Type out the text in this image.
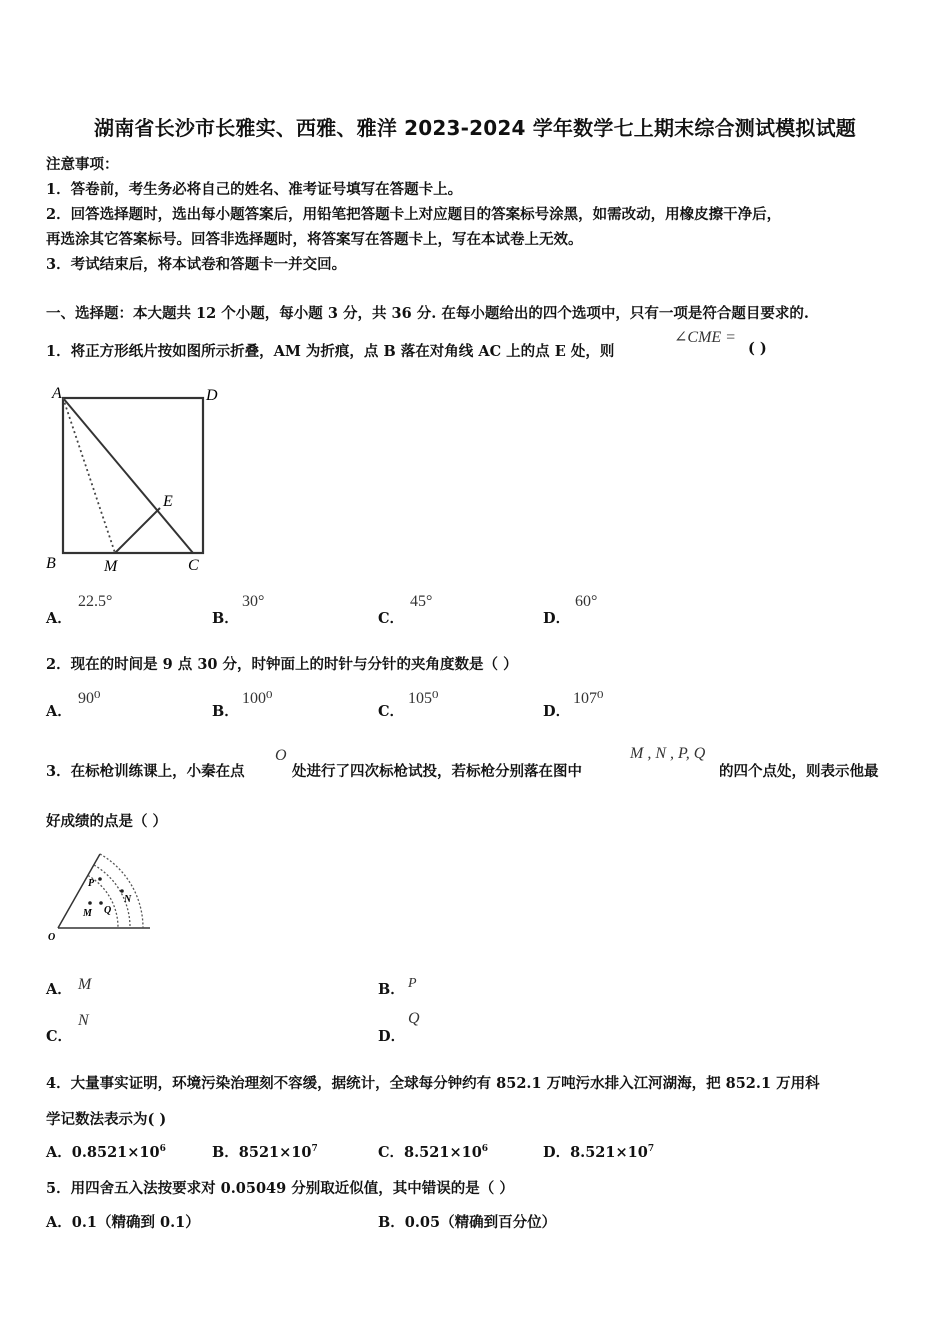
湖南省长沙市长雅实、西雅、雅洋 2023-2024 学年数学七上期末综合测试模拟试题
注意事项：
1．答卷前，考生务必将自己的姓名、准考证号填写在答题卡上。
2．回答选择题时，选出每小题答案后，用铅笔把答题卡上对应题目的答案标号涂黑，如需改动，用橡皮擦干净后，
再选涂其它答案标号。回答非选择题时，将答案写在答题卡上，写在本试卷上无效。
3．考试结束后，将本试卷和答题卡一并交回。
一、选择题：本大题共 12 个小题，每小题 3 分，共 36 分. 在每小题给出的四个选项中，只有一项是符合题目要求的.
1．将正方形纸片按如图所示折叠，AM 为折痕，点 B 落在对角线 AC 上的点 E 处，则
∠CME =
( )
A	D
E
B	M	C
A．
22.5°
B．
30°
C．
45°
D．
60°
2．现在的时间是 9 点 30 分，时钟面上的时针与分针的夹角度数是（ ）
A．
90⁰
B．
100⁰
C．
105⁰
D．
107⁰
3．在标枪训练课上，小秦在点
O
处进行了四次标枪试投，若标枪分别落在图中
M , N , P, Q
的四个点处，则表示他最
好成绩的点是（ ）
O
P
M Q
N
A． M	B． P
C．
N
D．
Q
4．大量事实证明，环境污染治理刻不容缓，据统计，全球每分钟约有 852.1 万吨污水排入江河湖海，把 852.1 万用科
学记数法表示为( )
A．$0.8521\times 10^6$	B．$8521\times 10^7$	C．$8.521\times 10^6$	D．$8.521\times 10^7$
5．用四舍五入法按要求对 0.05049 分别取近似值，其中错误的是（ ）
A．0.1（精确到 0.1）	B．0.05（精确到百分位）
